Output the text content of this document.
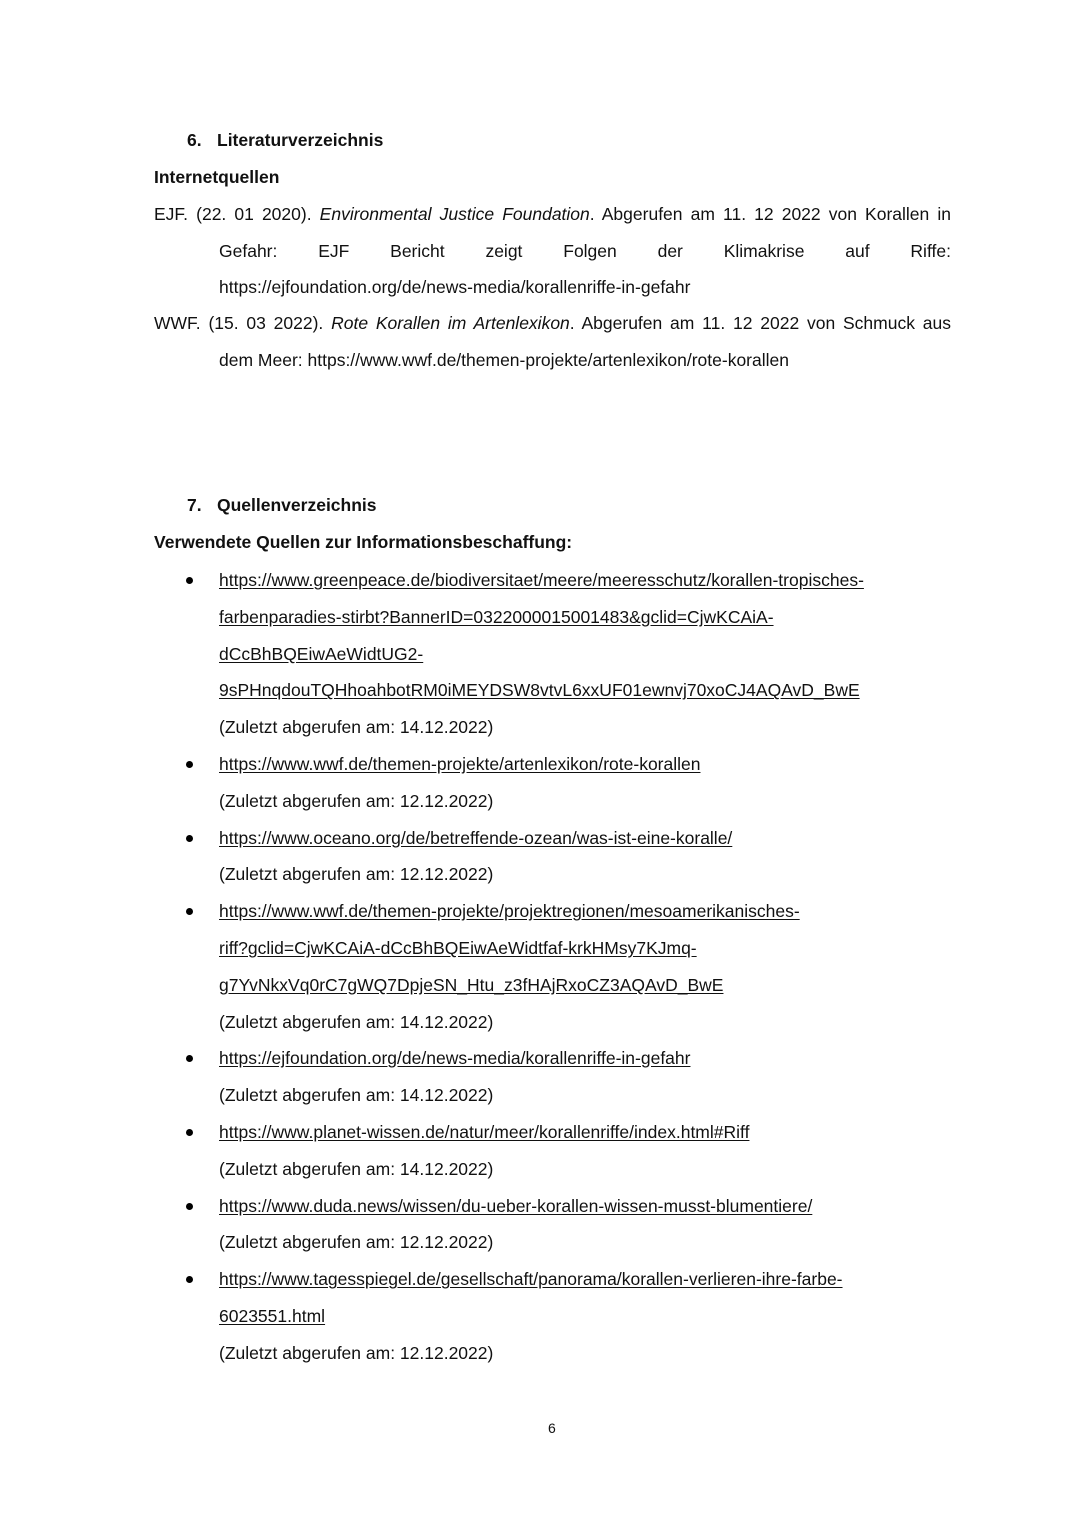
6. Literaturverzeichnis
Internetquellen
EJF. (22. 01 2020). Environmental Justice Foundation. Abgerufen am 11. 12 2022 von Korallen in
Gefahr: EJF Bericht zeigt Folgen der Klimakrise auf Riffe:
https://ejfoundation.org/de/news-media/korallenriffe-in-gefahr
WWF. (15. 03 2022). Rote Korallen im Artenlexikon. Abgerufen am 11. 12 2022 von Schmuck aus
dem Meer: https://www.wwf.de/themen-projekte/artenlexikon/rote-korallen
7. Quellenverzeichnis
Verwendete Quellen zur Informationsbeschaffung:
https://www.greenpeace.de/biodiversitaet/meere/meeresschutz/korallen-tropisches-
farbenparadies-stirbt?BannerID=0322000015001483&gclid=CjwKCAiA-
dCcBhBQEiwAeWidtUG2-
9sPHnqdouTQHhoahbotRM0iMEYDSW8vtvL6xxUF01ewnvj70xoCJ4AQAvD_BwE
(Zuletzt abgerufen am: 14.12.2022)
https://www.wwf.de/themen-projekte/artenlexikon/rote-korallen
(Zuletzt abgerufen am: 12.12.2022)
https://www.oceano.org/de/betreffende-ozean/was-ist-eine-koralle/
(Zuletzt abgerufen am: 12.12.2022)
https://www.wwf.de/themen-projekte/projektregionen/mesoamerikanisches-
riff?gclid=CjwKCAiA-dCcBhBQEiwAeWidtfaf-krkHMsy7KJmq-
g7YvNkxVq0rC7gWQ7DpjeSN_Htu_z3fHAjRxoCZ3AQAvD_BwE
(Zuletzt abgerufen am: 14.12.2022)
https://ejfoundation.org/de/news-media/korallenriffe-in-gefahr
(Zuletzt abgerufen am: 14.12.2022)
https://www.planet-wissen.de/natur/meer/korallenriffe/index.html#Riff
(Zuletzt abgerufen am: 14.12.2022)
https://www.duda.news/wissen/du-ueber-korallen-wissen-musst-blumentiere/
(Zuletzt abgerufen am: 12.12.2022)
https://www.tagesspiegel.de/gesellschaft/panorama/korallen-verlieren-ihre-farbe-
6023551.html
(Zuletzt abgerufen am: 12.12.2022)
6
